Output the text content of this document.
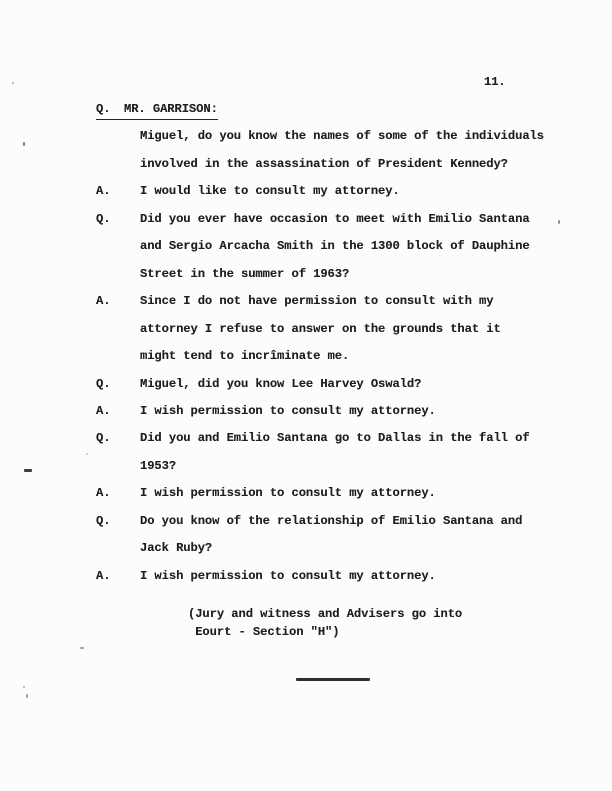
11.
Q. MR. GARRISON:
Miguel, do you know the names of some of the individuals
involved in the assassination of President Kennedy?
A. I would like to consult my attorney.
Q. Did you ever have occasion to meet with Emilio Santana
and Sergio Arcacha Smith in the 1300 block of Dauphine
Street in the summer of 1963?
A. Since I do not have permission to consult with my
attorney I refuse to answer on the grounds that it
might tend to incrîminate me.
Q. Miguel, did you know Lee Harvey Oswald?
A. I wish permission to consult my attorney.
Q. Did you and Emilio Santana go to Dallas in the fall of
1953?
A. I wish permission to consult my attorney.
Q. Do you know of the relationship of Emilio Santana and
Jack Ruby?
A. I wish permission to consult my attorney.
(Jury and witness and Advisers go into
Eourt - Section "H")
